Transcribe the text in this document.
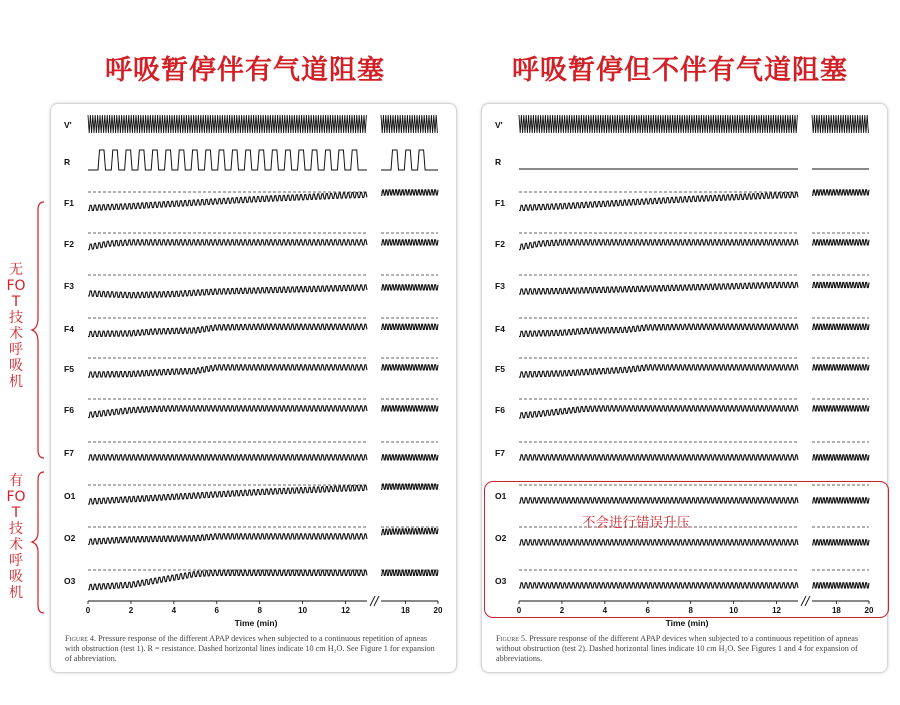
呼吸暂停伴有气道阻塞	呼吸暂停但不伴有气道阻塞
V'
R
F1
F2
F3
F4
F5
F6
F7
O1
O2
O3
0	2	4	6	8	10	12	18	20
Time (min)
Figure 4. Pressure response of the different APAP devices when subjected to a continuous repetition of apneas with obstruction (test 1). R = resistance. Dashed horizontal lines indicate 10 cm H₂O. See Figure 1 for expansion of abbreviation.
V'
R
F1
F2
F3
F4
F5
F6
F7
O1
O2
O3
0	2	4	6	8	10	12	18	20
Time (min)
Figure 5. Pressure response of the different APAP devices when subjected to a continuous repetition of apneas without obstruction (test 2). Dashed horizontal lines indicate 10 cm H₂O. See Figures 1 and 4 for expansion of abbreviations.
无FOT技术呼吸机
有FOT技术呼吸机
不会进行错误升压
